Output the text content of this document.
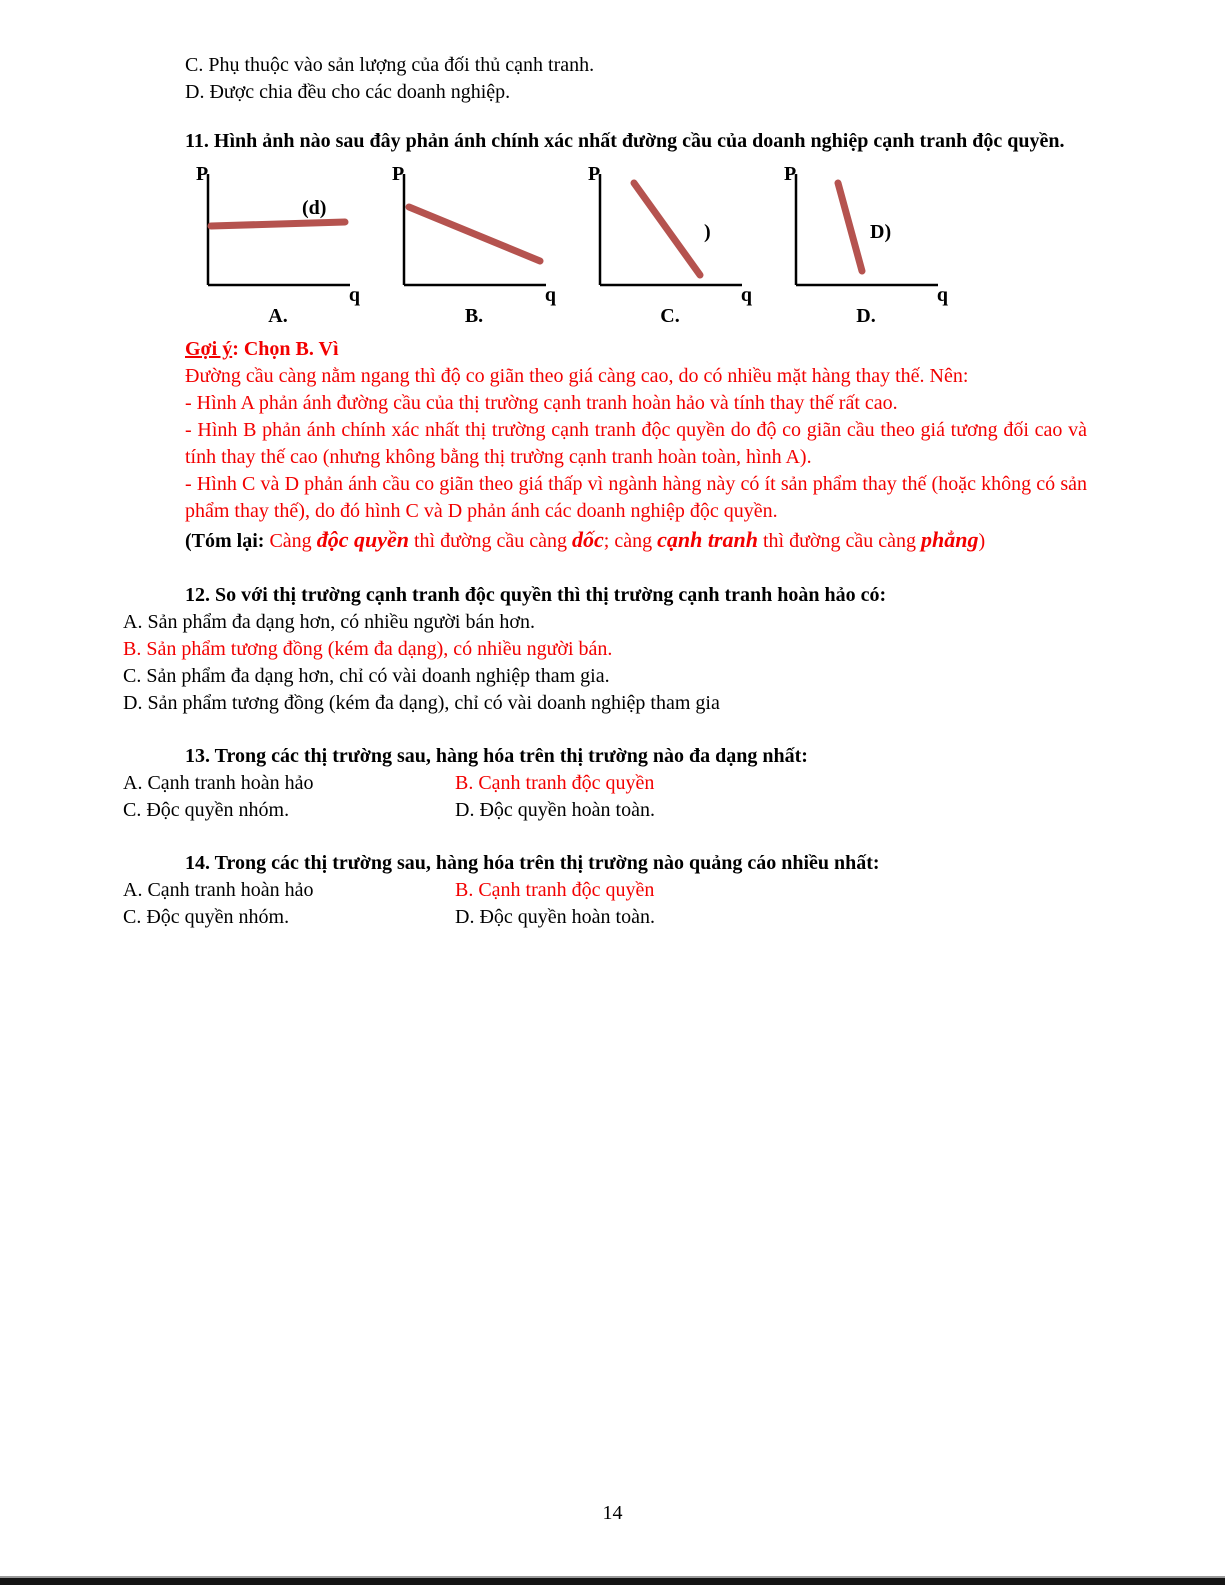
C. Phụ thuộc vào sản lượng của đối thủ cạnh tranh.
D. Được chia đều cho các doanh nghiệp.
11. Hình ảnh nào sau đây phản ánh chính xác nhất đường cầu của doanh nghiệp cạnh tranh độc quyền.
P
(d)
q
P
q
P
)
q
P
D)
q
A.	B.	C.	D.
Gợi ý: Chọn B. Vì
Đường cầu càng nằm ngang thì độ co giãn theo giá càng cao, do có nhiều mặt hàng thay thế. Nên:
- Hình A phản ánh đường cầu của thị trường cạnh tranh hoàn hảo và tính thay thế rất cao.
- Hình B phản ánh chính xác nhất thị trường cạnh tranh độc quyền do độ co giãn cầu theo giá tương đối cao và tính thay thế cao (nhưng không bằng thị trường cạnh tranh hoàn toàn, hình A).
- Hình C và D phản ánh cầu co giãn theo giá thấp vì ngành hàng này có ít sản phẩm thay thế (hoặc không có sản phẩm thay thế), do đó hình C và D phản ánh các doanh nghiệp độc quyền.
(Tóm lại: Càng độc quyền thì đường cầu càng dốc; càng cạnh tranh thì đường cầu càng phẳng)
12. So với thị trường cạnh tranh độc quyền thì thị trường cạnh tranh hoàn hảo có:
A. Sản phẩm đa dạng hơn, có nhiều người bán hơn.
B. Sản phẩm tương đồng (kém đa dạng), có nhiều người bán.
C. Sản phẩm đa dạng hơn, chỉ có vài doanh nghiệp tham gia.
D. Sản phẩm tương đồng (kém đa dạng), chỉ có vài doanh nghiệp tham gia
13. Trong các thị trường sau, hàng hóa trên thị trường nào đa dạng nhất:
A. Cạnh tranh hoàn hảo	B. Cạnh tranh độc quyền
C. Độc quyền nhóm.	D. Độc quyền hoàn toàn.
14. Trong các thị trường sau, hàng hóa trên thị trường nào quảng cáo nhiều nhất:
A. Cạnh tranh hoàn hảo	B. Cạnh tranh độc quyền
C. Độc quyền nhóm.	D. Độc quyền hoàn toàn.
14
